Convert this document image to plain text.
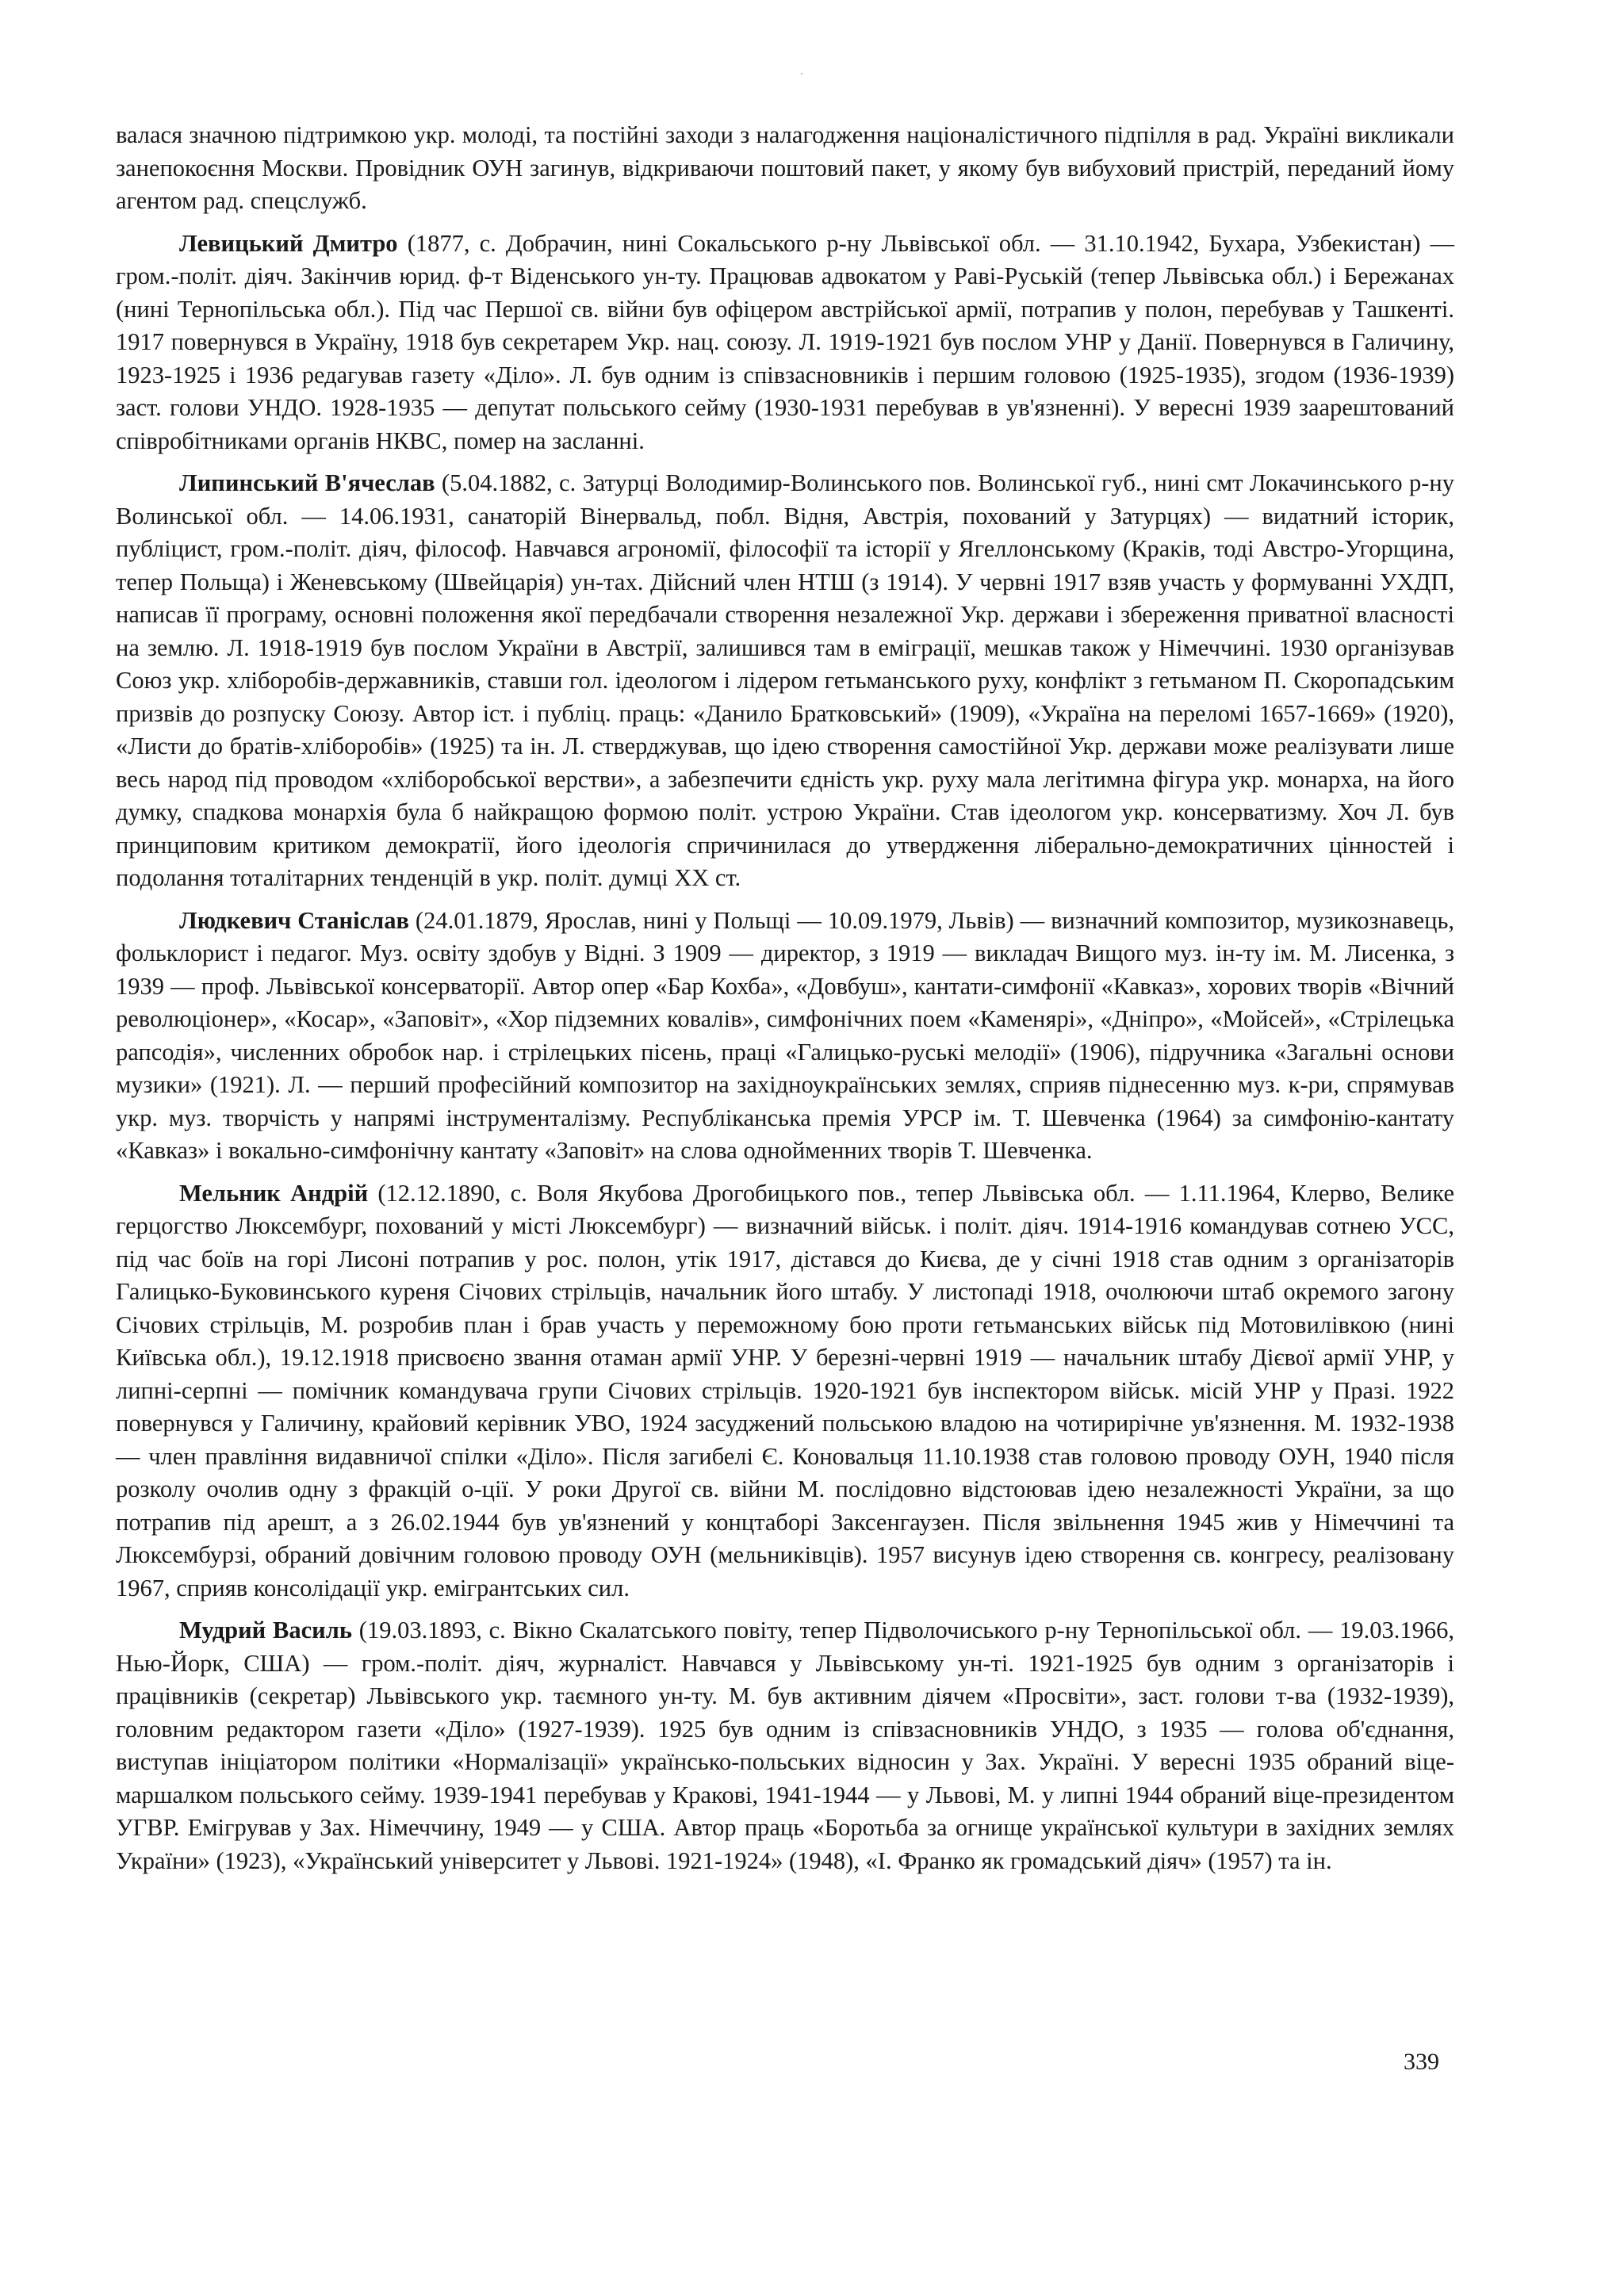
валася значною підтримкою укр. молоді, та постійні заходи з налагодження націоналістичного підпілля в рад. Україні викликали занепокоєння Москви. Провідник ОУН загинув, відкриваючи поштовий пакет, у якому був вибуховий пристрій, переданий йому агентом рад. спецслужб.

Левицький Дмитро (1877, с. Добрачин, нині Сокальського р-ну Львівської обл. — 31.10.1942, Бухара, Узбекистан) — гром.-політ. діяч. Закінчив юрид. ф-т Віденського ун-ту. Працював адвокатом у Раві-Руській (тепер Львівська обл.) і Бережанах (нині Тернопільська обл.). Під час Першої св. війни був офіцером австрійської армії, потрапив у полон, перебував у Ташкенті. 1917 повернувся в Україну, 1918 був секретарем Укр. нац. союзу. Л. 1919-1921 був послом УНР у Данії. Повернувся в Галичину, 1923-1925 і 1936 редагував газету «Діло». Л. був одним із співзасновників і першим головою (1925-1935), згодом (1936-1939) заст. голови УНДО. 1928-1935 — депутат польського сейму (1930-1931 перебував в ув'язненні). У вересні 1939 заарештований співробітниками органів НКВС, помер на засланні.

Липинський В'ячеслав (5.04.1882, с. Затурці Володимир-Волинського пов. Волинської губ., нині смт Локачинського р-ну Волинської обл. — 14.06.1931, санаторій Вінервальд, побл. Відня, Австрія, похований у Затурцях) — видатний історик, публіцист, гром.-політ. діяч, філософ. Навчався агрономії, філософії та історії у Ягеллонському (Краків, тоді Австро-Угорщина, тепер Польща) і Женевському (Швейцарія) ун-тах. Дійсний член НТШ (з 1914). У червні 1917 взяв участь у формуванні УХДП, написав її програму, основні положення якої передбачали створення незалежної Укр. держави і збереження приватної власності на землю. Л. 1918-1919 був послом України в Австрії, залишився там в еміграції, мешкав також у Німеччині. 1930 організував Союз укр. хліборобів-державників, ставши гол. ідеологом і лідером гетьманського руху, конфлікт з гетьманом П. Скоропадським призвів до розпуску Союзу. Автор іст. і публіц. праць: «Данило Братковський» (1909), «Україна на переломі 1657-1669» (1920), «Листи до братів-хліборобів» (1925) та ін. Л. стверджував, що ідею створення самостійної Укр. держави може реалізувати лише весь народ під проводом «хліборобської верстви», а забезпечити єдність укр. руху мала легітимна фігура укр. монарха, на його думку, спадкова монархія була б найкращою формою політ. устрою України. Став ідеологом укр. консерватизму. Хоч Л. був принциповим критиком демократії, його ідеологія спричинилася до утвердження ліберально-демократичних цінностей і подолання тоталітарних тенденцій в укр. політ. думці XX ст.

Людкевич Станіслав (24.01.1879, Ярослав, нині у Польщі — 10.09.1979, Львів) — визначний композитор, музикознавець, фольклорист і педагог. Муз. освіту здобув у Відні. З 1909 — директор, з 1919 — викладач Вищого муз. ін-ту ім. М. Лисенка, з 1939 — проф. Львівської консерваторії. Автор опер «Бар Кохба», «Довбуш», кантати-симфонії «Кавказ», хорових творів «Вічний революціонер», «Косар», «Заповіт», «Хор підземних ковалів», симфонічних поем «Каменярі», «Дніпро», «Мойсей», «Стрілецька рапсодія», численних обробок нар. і стрілецьких пісень, праці «Галицько-руські мелодії» (1906), підручника «Загальні основи музики» (1921). Л. — перший професійний композитор на західноукраїнських землях, сприяв піднесенню муз. к-ри, спрямував укр. муз. творчість у напрямі інструменталізму. Республіканська премія УРСР ім. Т. Шевченка (1964) за симфонію-кантату «Кавказ» і вокально-симфонічну кантату «Заповіт» на слова однойменних творів Т. Шевченка.

Мельник Андрій (12.12.1890, с. Воля Якубова Дрогобицького пов., тепер Львівська обл. — 1.11.1964, Клерво, Велике герцогство Люксембург, похований у місті Люксембург) — визначний військ. і політ. діяч. 1914-1916 командував сотнею УСС, під час боїв на горі Лисоні потрапив у рос. полон, утік 1917, дістався до Києва, де у січні 1918 став одним з організаторів Галицько-Буковинського куреня Січових стрільців, начальник його штабу. У листопаді 1918, очолюючи штаб окремого загону Січових стрільців, М. розробив план і брав участь у переможному бою проти гетьманських військ під Мотовилівкою (нині Київська обл.), 19.12.1918 присвоєно звання отаман армії УНР. У березні-червні 1919 — начальник штабу Дієвої армії УНР, у липні-серпні — помічник командувача групи Січових стрільців. 1920-1921 був інспектором військ. місій УНР у Празі. 1922 повернувся у Галичину, крайовий керівник УВО, 1924 засуджений польською владою на чотирирічне ув'язнення. М. 1932-1938 — член правління видавничої спілки «Діло». Після загибелі Є. Коновальця 11.10.1938 став головою проводу ОУН, 1940 після розколу очолив одну з фракцій о-ції. У роки Другої св. війни М. послідовно відстоював ідею незалежності України, за що потрапив під арешт, а з 26.02.1944 був ув'язнений у концтаборі Заксенгаузен. Після звільнення 1945 жив у Німеччині та Люксембурзі, обраний довічним головою проводу ОУН (мельниківців). 1957 висунув ідею створення св. конгресу, реалізовану 1967, сприяв консолідації укр. емігрантських сил.

Мудрий Василь (19.03.1893, с. Вікно Скалатського повіту, тепер Підволочиського р-ну Тернопільської обл. — 19.03.1966, Нью-Йорк, США) — гром.-політ. діяч, журналіст. Навчався у Львівському ун-ті. 1921-1925 був одним з організаторів і працівників (секретар) Львівського укр. таємного ун-ту. М. був активним діячем «Просвіти», заст. голови т-ва (1932-1939), головним редактором газети «Діло» (1927-1939). 1925 був одним із співзасновників УНДО, з 1935 — голова об'єднання, виступав ініціатором політики «Нормалізації» українсько-польських відносин у Зах. Україні. У вересні 1935 обраний віце-маршалком польського сейму. 1939-1941 перебував у Кракові, 1941-1944 — у Львові, М. у липні 1944 обраний віце-президентом УГВР. Емігрував у Зах. Німеччину, 1949 — у США. Автор праць «Боротьба за огнище української культури в західних землях України» (1923), «Український університет у Львові. 1921-1924» (1948), «І. Франко як громадський діяч» (1957) та ін.

339
